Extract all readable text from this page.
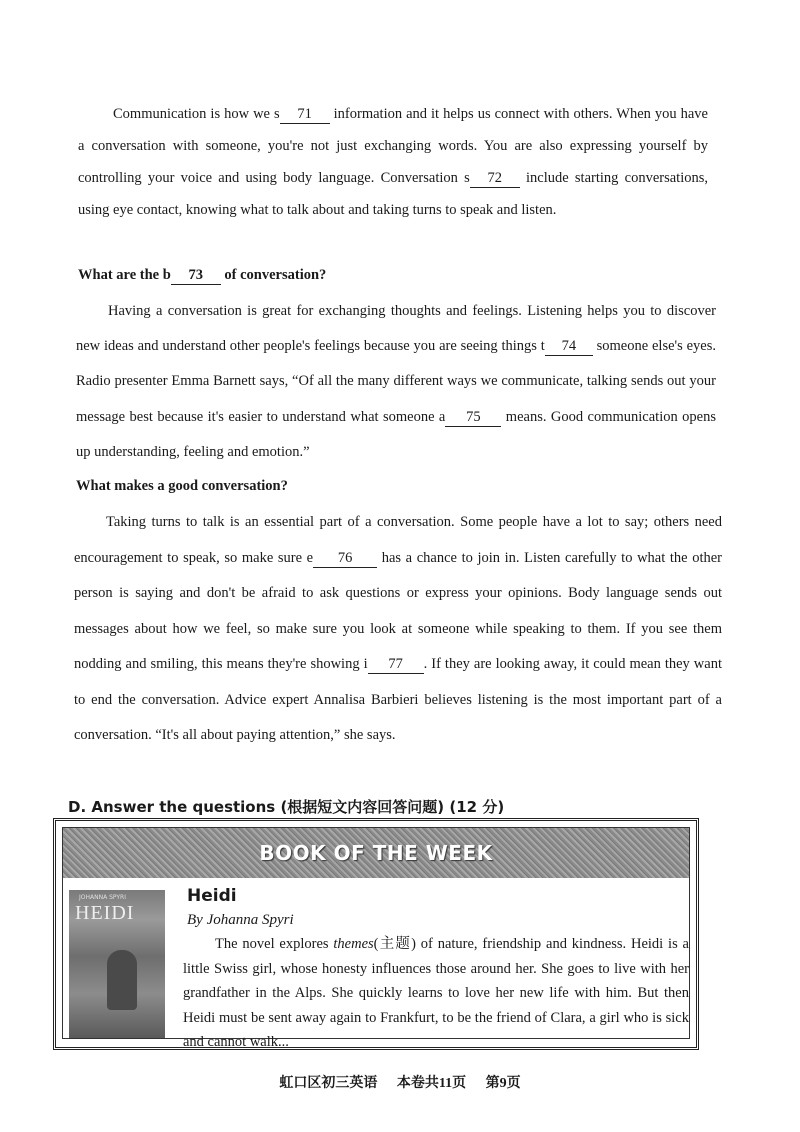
Communication is how we s 71 information and it helps us connect with others. When you have a conversation with someone, you're not just exchanging words. You are also expressing yourself by controlling your voice and using body language. Conversation s 72 include starting conversations, using eye contact, knowing what to talk about and taking turns to speak and listen.
What are the b 73 of conversation?
Having a conversation is great for exchanging thoughts and feelings. Listening helps you to discover new ideas and understand other people's feelings because you are seeing things t 74 someone else's eyes. Radio presenter Emma Barnett says, “Of all the many different ways we communicate, talking sends out your message best because it's easier to understand what someone a 75 means. Good communication opens up understanding, feeling and emotion.”
What makes a good conversation?
Taking turns to talk is an essential part of a conversation. Some people have a lot to say; others need encouragement to speak, so make sure e 76 has a chance to join in. Listen carefully to what the other person is saying and don't be afraid to ask questions or express your opinions. Body language sends out messages about how we feel, so make sure you look at someone while speaking to them. If you see them nodding and smiling, this means they're showing i 77 . If they are looking away, it could mean they want to end the conversation. Advice expert Annalisa Barbieri believes listening is the most important part of a conversation. “It's all about paying attention,” she says.
D. Answer the questions (根据短文内容回答问题) (12 分)
BOOK OF THE WEEK
JOHANNA SPYRI
HEIDI
Heidi
By Johanna Spyri
The novel explores themes(主题) of nature, friendship and kindness. Heidi is a little Swiss girl, whose honesty influences those around her. She goes to live with her grandfather in the Alps. She quickly learns to love her new life with him. But then Heidi must be sent away again to Frankfurt, to be the friend of Clara, a girl who is sick and cannot walk...
虹口区初三英语 本卷共11页 第9页
